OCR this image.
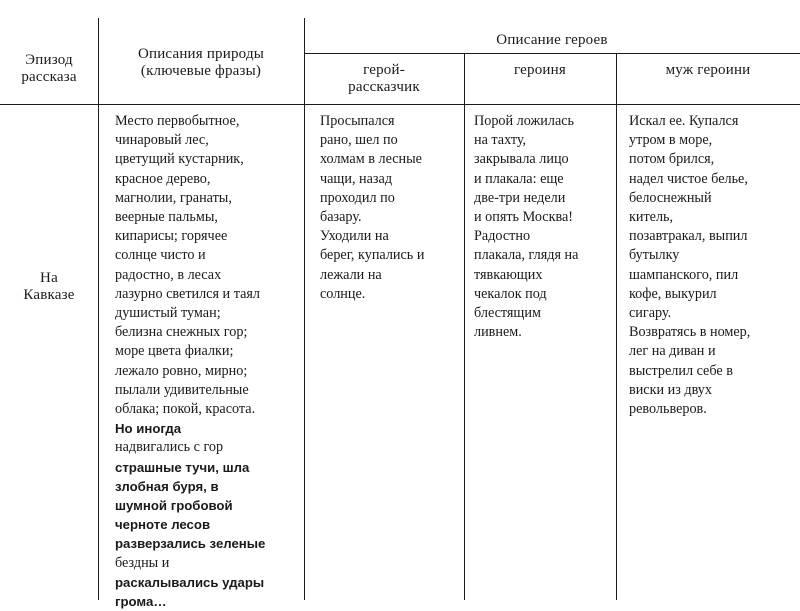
Эпизод
рассказа
Описания природы
(ключевые фразы)
Описание героев
герой-
рассказчик
героиня	муж героини
На
Кавказе
Место первобытное,
чинаровый лес,
цветущий кустарник,
красное дерево,
магнолии, гранаты,
веерные пальмы,
кипарисы; горячее
солнце чисто и
радостно, в лесах
лазурно светился и таял
душистый туман;
белизна снежных гор;
море цвета фиалки;
лежало ровно, мирно;
пылали удивительные
облака; покой, красота.
Но иногда
надвигались с гор
страшные тучи, шла
злобная буря, в
шумной гробовой
черноте лесов
разверзались зеленые
бездны и
раскалывались удары
грома…
Просыпался
рано, шел по
холмам в лесные
чащи, назад
проходил по
базару.
Уходили на
берег, купались и
лежали на
солнце.
Порой ложилась
на тахту,
закрывала лицо
и плакала: еще
две-три недели
и опять Москва!
Радостно
плакала, глядя на
тявкающих
чекалок под
блестящим
ливнем.
Искал ее. Купался
утром в море,
потом брился,
надел чистое белье,
белоснежный
китель,
позавтракал, выпил
бутылку
шампанского, пил
кофе, выкурил
сигару.
Возвратясь в номер,
лег на диван и
выстрелил себе в
виски из двух
револьверов.
